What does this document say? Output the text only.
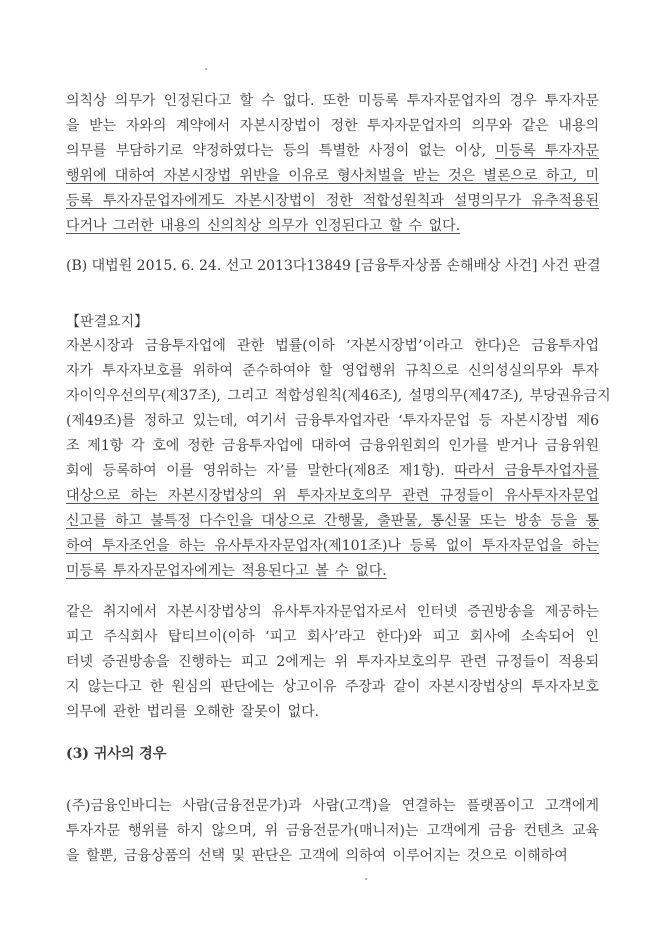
(B) 대법원 2015. 6. 24. 선고 2013다13849 [금융투자상품 손해배상 사건] 사건 판결
【판결요지】
(3) 귀사의 경우
의칙상 의무가 인정된다고 할 수 없다. 또한 미등록 투자자문업자의 경우 투자자문
을 받는 자와의 계약에서 자본시장법이 정한 투자자문업자의 의무와 같은 내용의
의무를 부담하기로 약정하였다는 등의 특별한 사정이 없는 이상, 미등록 투자자문
행위에 대하여 자본시장법 위반을 이유로 형사처벌을 받는 것은 별론으로 하고, 미
등록 투자자문업자에게도 자본시장법이 정한 적합성원칙과 설명의무가 유추적용된
다거나 그러한 내용의 신의칙상 의무가 인정된다고 할 수 없다.
자본시장과 금융투자업에 관한 법률(이하 ‘자본시장법’이라고 한다)은 금융투자업
자가 투자자보호를 위하여 준수하여야 할 영업행위 규칙으로 신의성실의무와 투자
자이익우선의무(제37조), 그리고 적합성원칙(제46조), 설명의무(제47조), 부당권유금지
(제49조)를 정하고 있는데, 여기서 금융투자업자란 ‘투자자문업 등 자본시장법 제6
조 제1항 각 호에 정한 금융투자업에 대하여 금융위원회의 인가를 받거나 금융위원
회에 등록하여 이를 영위하는 자’를 말한다(제8조 제1항). 따라서 금융투자업자를
대상으로 하는 자본시장법상의 위 투자자보호의무 관련 규정들이 유사투자자문업
신고를 하고 불특정 다수인을 대상으로 간행물, 출판물, 통신물 또는 방송 등을 통
하여 투자조언을 하는 유사투자자문업자(제101조)나 등록 없이 투자자문업을 하는
미등록 투자자문업자에게는 적용된다고 볼 수 없다.
같은 취지에서 자본시장법상의 유사투자자문업자로서 인터넷 증권방송을 제공하는
피고 주식회사 탑티브이(이하 ‘피고 회사’라고 한다)와 피고 회사에 소속되어 인
터넷 증권방송을 진행하는 피고 2에게는 위 투자자보호의무 관련 규정들이 적용되
지 않는다고 한 원심의 판단에는 상고이유 주장과 같이 자본시장법상의 투자자보호
의무에 관한 법리를 오해한 잘못이 없다.
(주)금융인바디는 사람(금융전문가)과 사람(고객)을 연결하는 플랫폼이고 고객에게
투자자문 행위를 하지 않으며, 위 금융전문가(매니저)는 고객에게 금융 컨텐츠 교육
을 할뿐, 금융상품의 선택 및 판단은 고객에 의하여 이루어지는 것으로 이해하여
